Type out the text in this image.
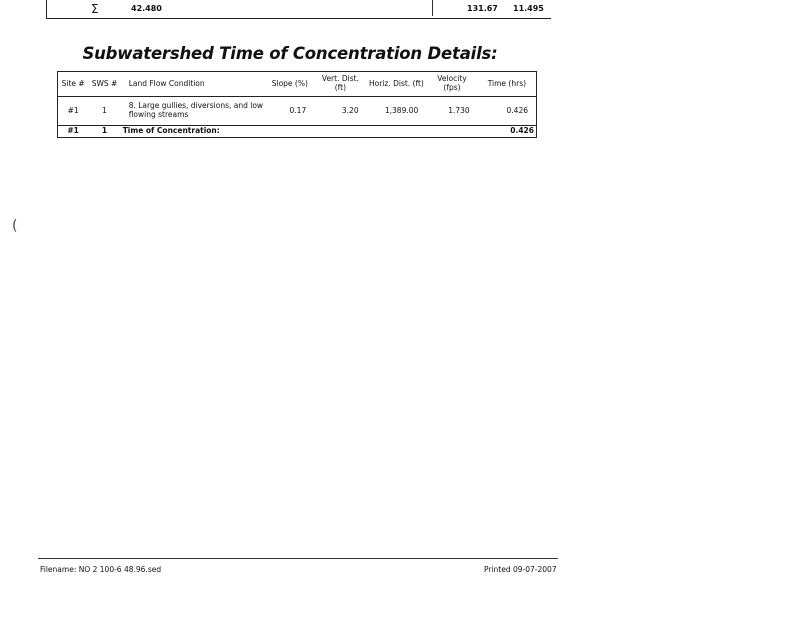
Σ	42.480	131.67 11.495
Subwatershed Time of Concentration Details:
Site #	SWS #	Land Flow Condition	Slope (%)	Vert. Dist. (ft)	Horiz. Dist. (ft)	Velocity (fps)	Time (hrs)
#1	1	8. Large gullies, diversions, and low flowing streams	0.17	3.20	1,389.00	1.730	0.426
#1	1	Time of Concentration:					0.426
(
Filename: NO 2 100-6 48.96.sed	Printed 09-07-2007
